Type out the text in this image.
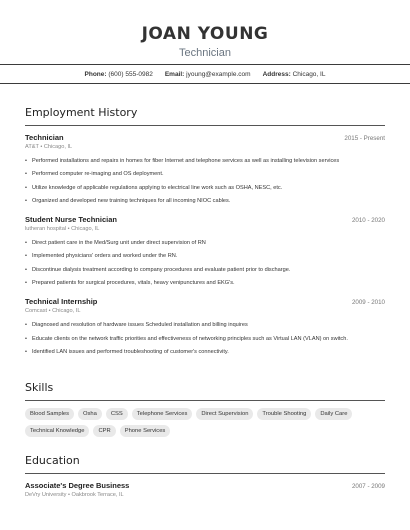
JOAN YOUNG
Technician
Phone: (600) 555-0982 Email: jyoung@example.com Address: Chicago, IL
Employment History
Technician	2015 - Present
AT&T • Chicago, IL
• Performed installations and repairs in homes for fiber Internet and telephone services as well as installing television services
• Performed computer re-imaging and OS deployment.
• Utilize knowledge of applicable regulations applying to electrical line work such as OSHA, NESC, etc.
• Organized and developed new training techniques for all incoming NIOC cables.
Student Nurse Technician	2010 - 2020
lutheran hospital • Chicago, IL
• Direct patient care in the Med/Surg unit under direct supervision of RN
• Implemented physicians' orders and worked under the RN.
• Discontinue dialysis treatment according to company procedures and evaluate patient prior to discharge.
• Prepared patients for surgical procedures, vitals, heavy venipunctures and EKG's.
Technical Internship	2009 - 2010
Comcast • Chicago, IL
• Diagnosed and resolution of hardware issues Scheduled installation and billing inquires
• Educate clients on the network traffic priorities and effectiveness of networking principles such as Virtual LAN (VLAN) on switch.
• Identified LAN issues and performed troubleshooting of customer's connectivity.
Skills
Blood Samples	Osha	CSS	Telephone Services	Direct Supervision	Trouble Shooting	Daily Care
Technical Knowledge	CPR	Phone Services
Education
Associate's Degree Business	2007 - 2009
DeVry University • Oakbrook Terrace, IL
